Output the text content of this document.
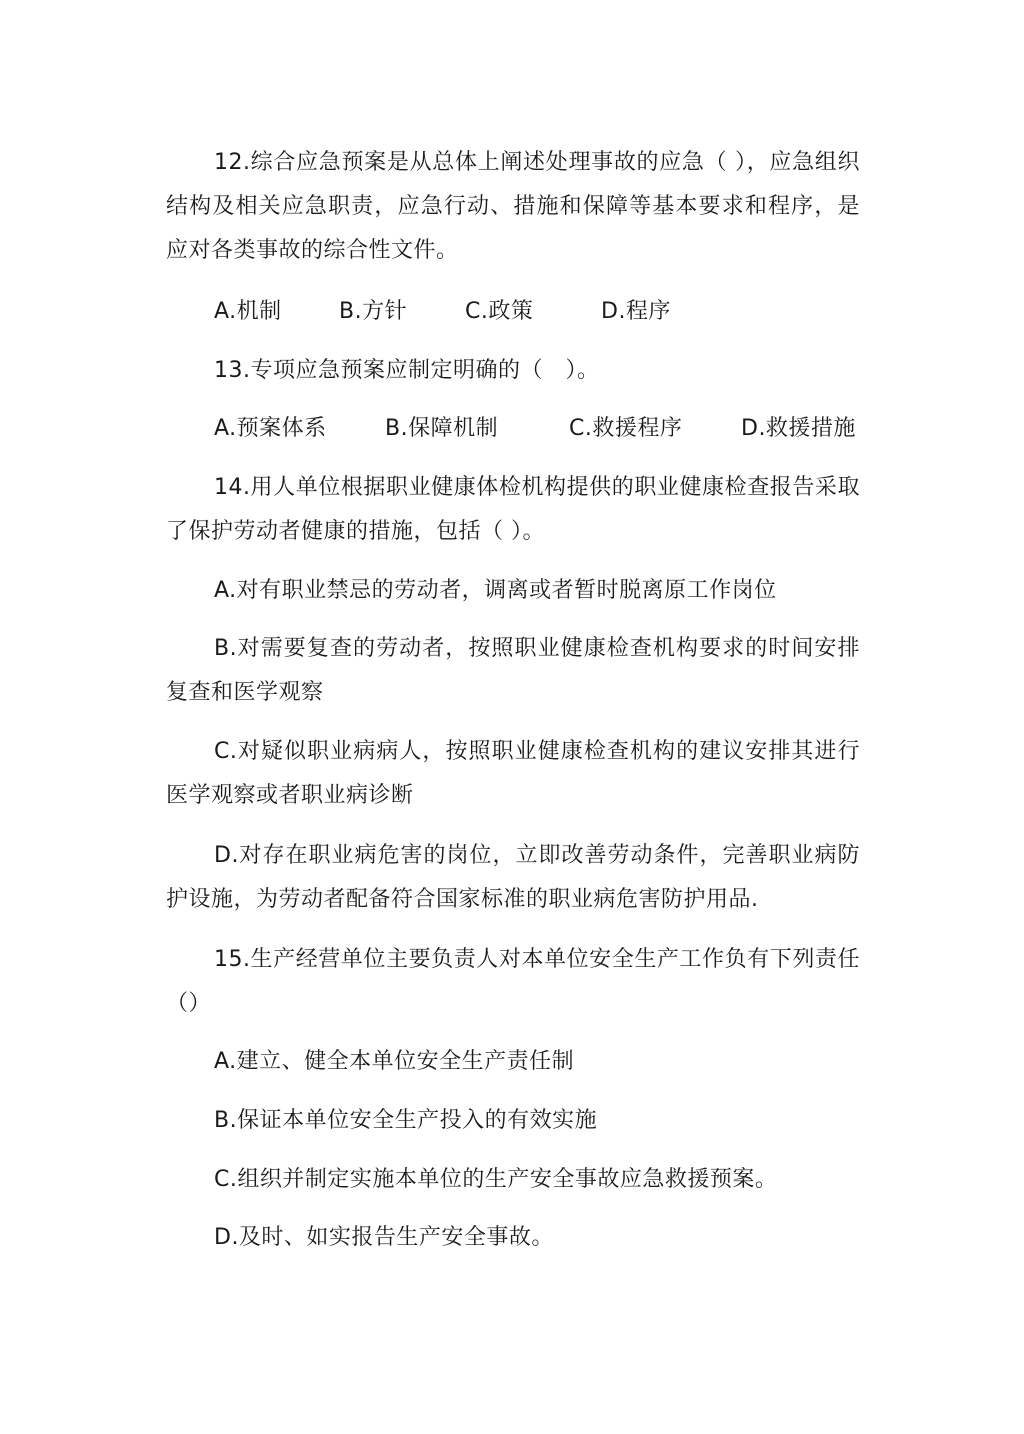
12.综合应急预案是从总体上阐述处理事故的应急（ ），应急组织结构及相关应急职责，应急行动、措施和保障等基本要求和程序，是应对各类事故的综合性文件。
A.机制	B.方针	C.政策	D.程序
13.专项应急预案应制定明确的（　）。
A.预案体系	B.保障机制	C.救援程序	D.救援措施
14.用人单位根据职业健康体检机构提供的职业健康检查报告采取了保护劳动者健康的措施，包括（ ）。
A.对有职业禁忌的劳动者，调离或者暂时脱离原工作岗位
B.对需要复查的劳动者，按照职业健康检查机构要求的时间安排复查和医学观察
C.对疑似职业病病人，按照职业健康检查机构的建议安排其进行医学观察或者职业病诊断
D.对存在职业病危害的岗位，立即改善劳动条件，完善职业病防护设施，为劳动者配备符合国家标准的职业病危害防护用品.
15.生产经营单位主要负责人对本单位安全生产工作负有下列责任（）
A.建立、健全本单位安全生产责任制
B.保证本单位安全生产投入的有效实施
C.组织并制定实施本单位的生产安全事故应急救援预案。
D.及时、如实报告生产安全事故。
